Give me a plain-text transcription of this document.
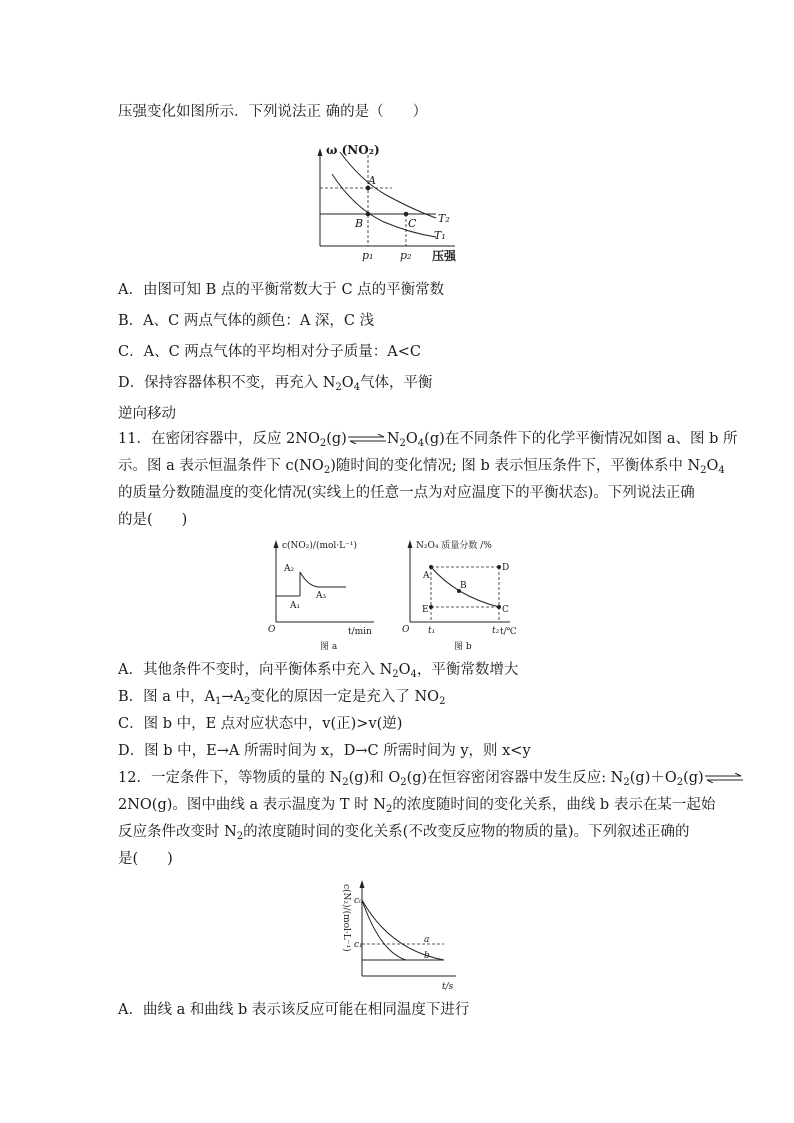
压强变化如图所示．下列说法正 确的是（　　）
ω (NO₂)
压强
A
B	C T₂
T₁
p₁ p₂
A．由图可知 B 点的平衡常数大于 C 点的平衡常数
B．A、C 两点气体的颜色：A 深，C 浅
C．A、C 两点气体的平均相对分子质量：A<C
D．保持容器体积不变，再充入 $N_2O_4$气体，平衡
逆向移动
11．在密闭容器中，反应 $2NO_2(g)\rightleftharpoons N_2O_4(g)$在不同条件下的化学平衡情况如图 a、图 b 所
示。图 a 表示恒温条件下 $c(NO_2)$随时间的变化情况; 图 b 表示恒压条件下，平衡体系中 $N_2O_4$
的质量分数随温度的变化情况(实线上的任意一点为对应温度下的平衡状态)。下列说法正确
的是(　　)
c(NO₂)/(mol·L⁻¹)
O	t/min
A₂
A₁
A₃
图 a
N₂O₄ 质量分数 /%
O	t/℃
A
D
B
C
E
t₁	t₂
图 b
A．其他条件不变时，向平衡体系中充入 $N_2O_4$，平衡常数增大
B．图 a 中，$A_1\to A_2$变化的原因一定是充入了 $NO_2$
C．图 b 中，E 点对应状态中，v(正)>v(逆)
D．图 b 中，E→A 所需时间为 x，D→C 所需时间为 y，则 x<y
12．一定条件下，等物质的量的 $N_2(g)$和 $O_2(g)$在恒容密闭容器中发生反应: $N_2(g)+O_2(g)\rightleftharpoons$
2NO(g)。图中曲线 a 表示温度为 T 时 $N_2$的浓度随时间的变化关系，曲线 b 表示在某一起始
反应条件改变时 $N_2$的浓度随时间的变化关系(不改变反应物的物质的量)。下列叙述正确的
是(　　)
c(N₂)/(mol·L⁻¹)
t/s
c₀
c₁	a
b
A．曲线 a 和曲线 b 表示该反应可能在相同温度下进行
